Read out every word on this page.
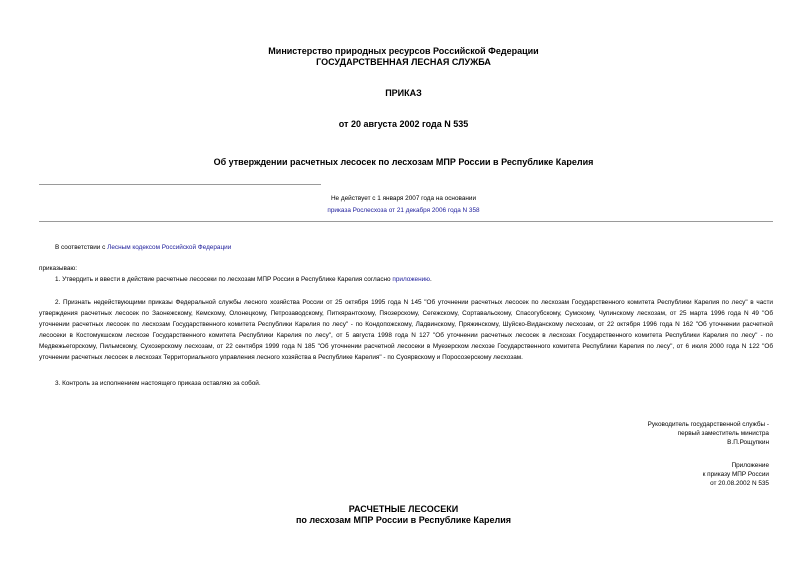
Министерство природных ресурсов Российской Федерации
ГОСУДАРСТВЕННАЯ ЛЕСНАЯ СЛУЖБА
ПРИКАЗ
от 20 августа 2002 года N 535
Об утверждении расчетных лесосек по лесхозам МПР России в Республике Карелия
Не действует с 1 января 2007 года на основании
приказа Рослесхоза от 21 декабря 2006 года N 358
В соответствии с Лесным кодексом Российской Федерации
приказываю:
1. Утвердить и ввести в действие расчетные лесосеки по лесхозам МПР России в Республике Карелия согласно приложению.
2. Признать недействующими приказы Федеральной службы лесного хозяйства России от 25 октября 1995 года N 145 "Об уточнении расчетных лесосек по лесхозам Государственного комитета Республики Карелия по лесу" в части утверждения расчетных лесосек по Заонежскому, Кемскому, Олонецкому, Петрозаводскому, Питкярантскому, Пяозерскому, Сегежскому, Сортавальскому, Спасогубскому, Сумскому, Чупинскому лесхозам, от 25 марта 1996 года N 49 "Об уточнении расчетных лесосек по лесхозам Государственного комитета Республики Карелия по лесу" - по Кондопожскому, Ладвинскому, Пряжинскому, Шуйско-Виданскому лесхозам, от 22 октября 1996 года N 162 "Об уточнении расчетной лесосеки в Костомукшском лесхозе Государственного комитета Республики Карелия по лесу", от 5 августа 1998 года N 127 "Об уточнении расчетных лесосек в лесхозах Государственного комитета Республики Карелия по лесу" - по Медвежьегорскому, Пильмскому, Сухозерскому лесхозам, от 22 сентября 1999 года N 185 "Об уточнении расчетной лесосеки в Муезерском лесхозе Государственного комитета Республики Карелия по лесу", от 6 июля 2000 года N 122 "Об уточнении расчетных лесосек в лесхозах Территориального управления лесного хозяйства в Республике Карелия" - по Суоярвскому и Поросозерскому лесхозам.
3. Контроль за исполнением настоящего приказа оставляю за собой.
Руководитель государственной службы -
первый заместитель министра
В.П.Рощупкин
Приложение
к приказу МПР России
от 20.08.2002 N 535
РАСЧЕТНЫЕ ЛЕСОСЕКИ
по лесхозам МПР России в Республике Карелия
